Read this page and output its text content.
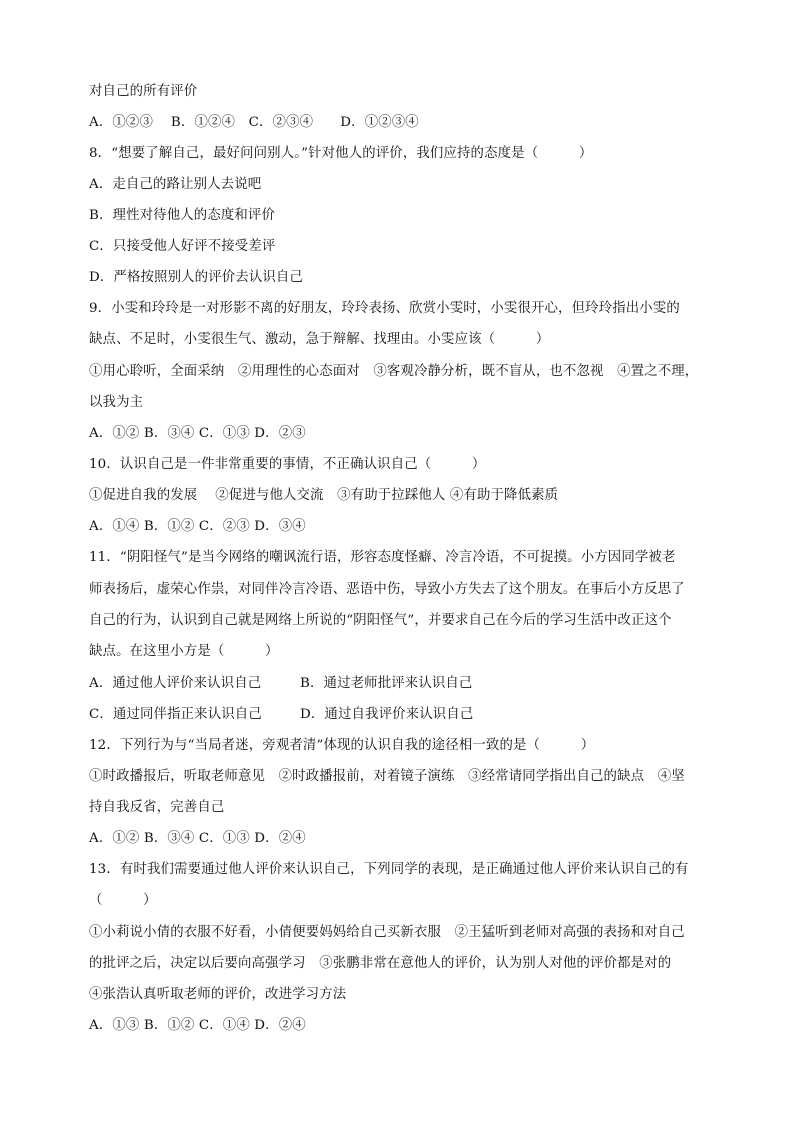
对自己的所有评价
A．①②③　 B．①②④　C．②③④　　D．①②③④
8．“想要了解自己，最好问问别人。”针对他人的评价，我们应持的态度是（　　　）
A．走自己的路让别人去说吧
B．理性对待他人的态度和评价
C．只接受他人好评不接受差评
D．严格按照别人的评价去认识自己
9．小雯和玲玲是一对形影不离的好朋友，玲玲表扬、欣赏小雯时，小雯很开心，但玲玲指出小雯的
缺点、不足时，小雯很生气、激动，急于辩解、找理由。小雯应该（　　　）
①用心聆听，全面采纳　②用理性的心态面对　③客观冷静分析，既不盲从，也不忽视　④置之不理，
以我为主
A．①② B．③④ C．①③ D．②③
10．认识自己是一件非常重要的事情，不正确认识自己（　　　）
①促进自我的发展　 ②促进与他人交流　③有助于拉踩他人 ④有助于降低素质
A．①④ B．①② C．②③ D．③④
11．“阴阳怪气”是当今网络的嘲讽流行语，形容态度怪癖、冷言冷语，不可捉摸。小方因同学被老
师表扬后，虚荣心作祟，对同伴冷言冷语、恶语中伤，导致小方失去了这个朋友。在事后小方反思了
自己的行为，认识到自己就是网络上所说的“阴阳怪气”，并要求自己在今后的学习生活中改正这个
缺点。在这里小方是（　　　）
A．通过他人评价来认识自己	B．通过老师批评来认识自己
C．通过同伴指正来认识自己	D．通过自我评价来认识自己
12．下列行为与“当局者迷，旁观者清”体现的认识自我的途径相一致的是（　　　）
①时政播报后，听取老师意见　②时政播报前，对着镜子演练　③经常请同学指出自己的缺点　④坚
持自我反省，完善自己
A．①② B．③④ C．①③ D．②④
13．有时我们需要通过他人评价来认识自己，下列同学的表现，是正确通过他人评价来认识自己的有
（　　　）
①小莉说小倩的衣服不好看，小倩便要妈妈给自己买新衣服　②王猛听到老师对高强的表扬和对自己
的批评之后，决定以后要向高强学习　③张鹏非常在意他人的评价，认为别人对他的评价都是对的
④张浩认真听取老师的评价，改进学习方法
A．①③ B．①② C．①④ D．②④
